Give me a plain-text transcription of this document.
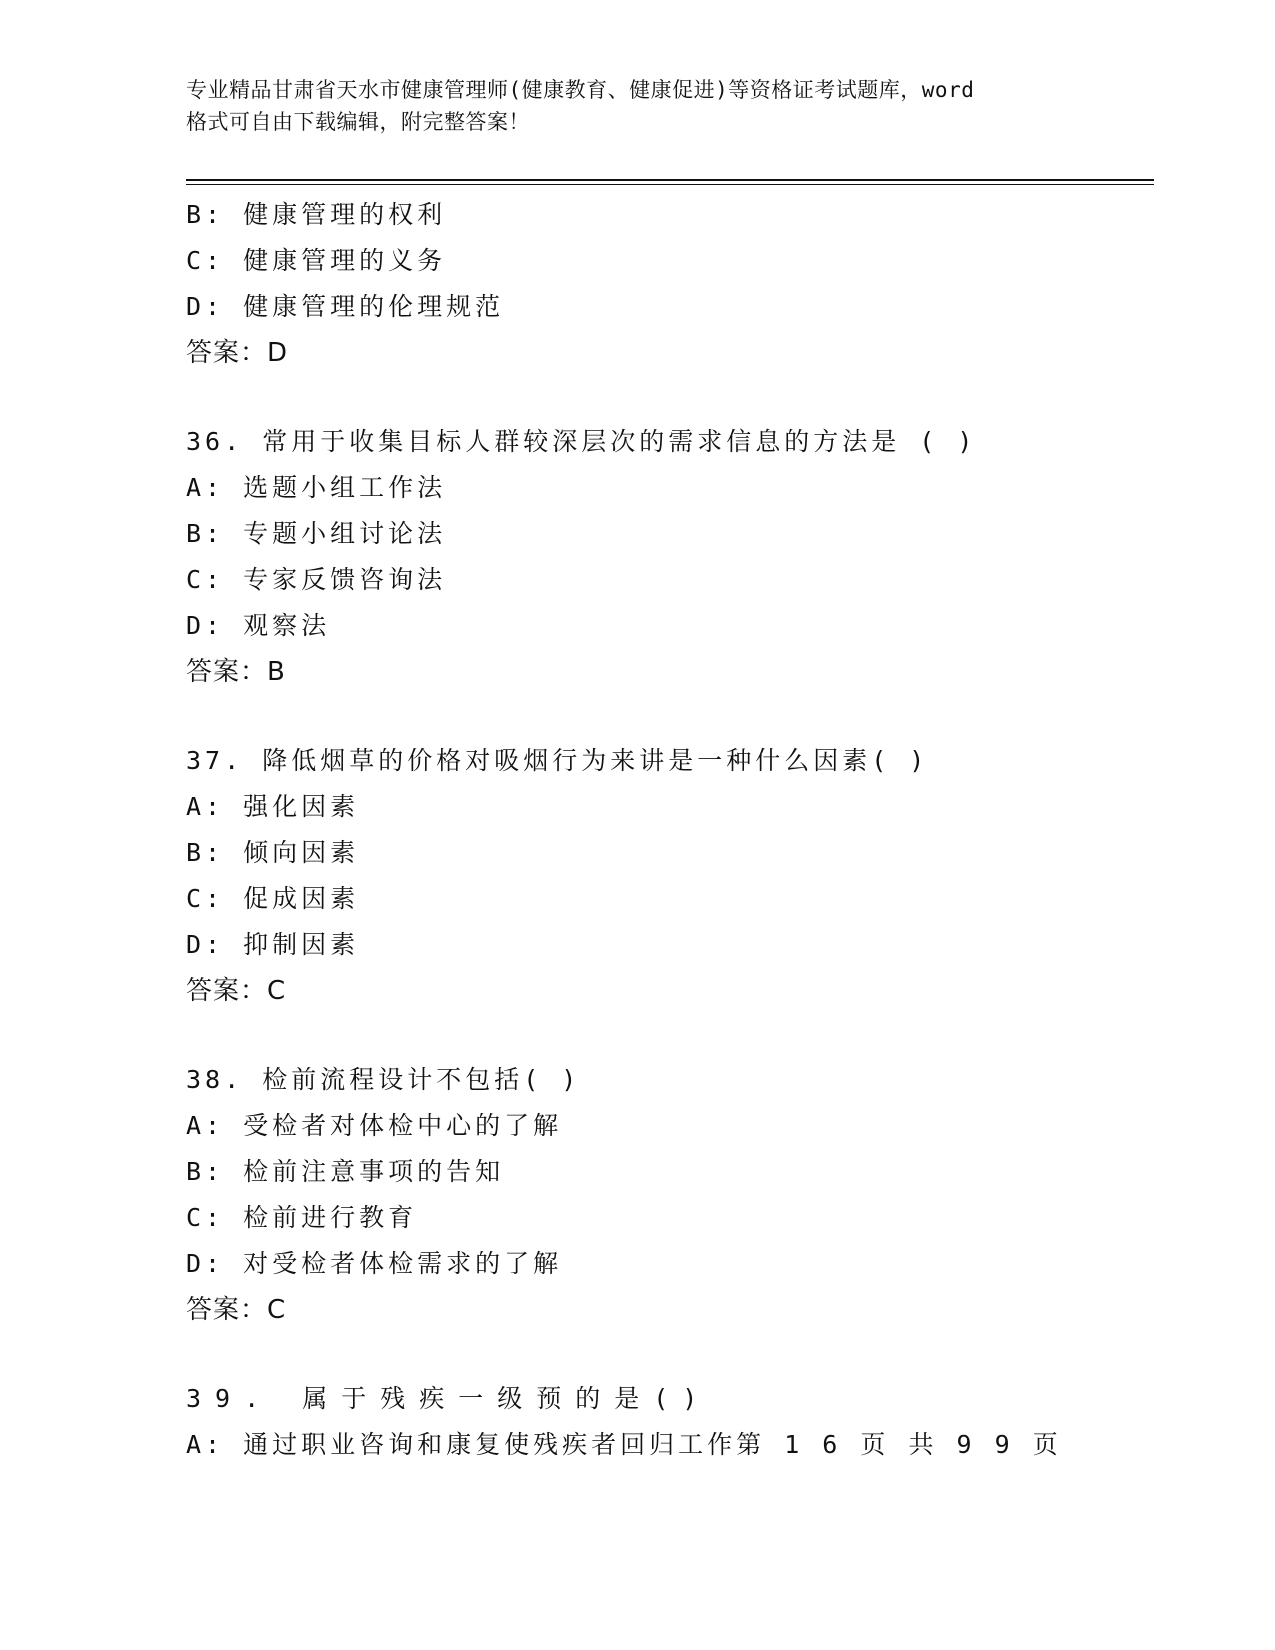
专业精品甘肃省天水市健康管理师(健康教育、健康促进)等资格证考试题库，word
格式可自由下载编辑，附完整答案！
B: 健康管理的权利
C: 健康管理的义务
D: 健康管理的伦理规范
答案：D
36. 常用于收集目标人群较深层次的需求信息的方法是 ( )
A: 选题小组工作法
B: 专题小组讨论法
C: 专家反馈咨询法
D: 观察法
答案：B
37. 降低烟草的价格对吸烟行为来讲是一种什么因素( )
A: 强化因素
B: 倾向因素
C: 促成因素
D: 抑制因素
答案：C
38. 检前流程设计不包括( )
A: 受检者对体检中心的了解
B: 检前注意事项的告知
C: 检前进行教育
D: 对受检者体检需求的了解
答案：C
39. 属于残疾一级预的是()
A: 通过职业咨询和康复使残疾者回归工作第 1 6 页 共 9 9 页
